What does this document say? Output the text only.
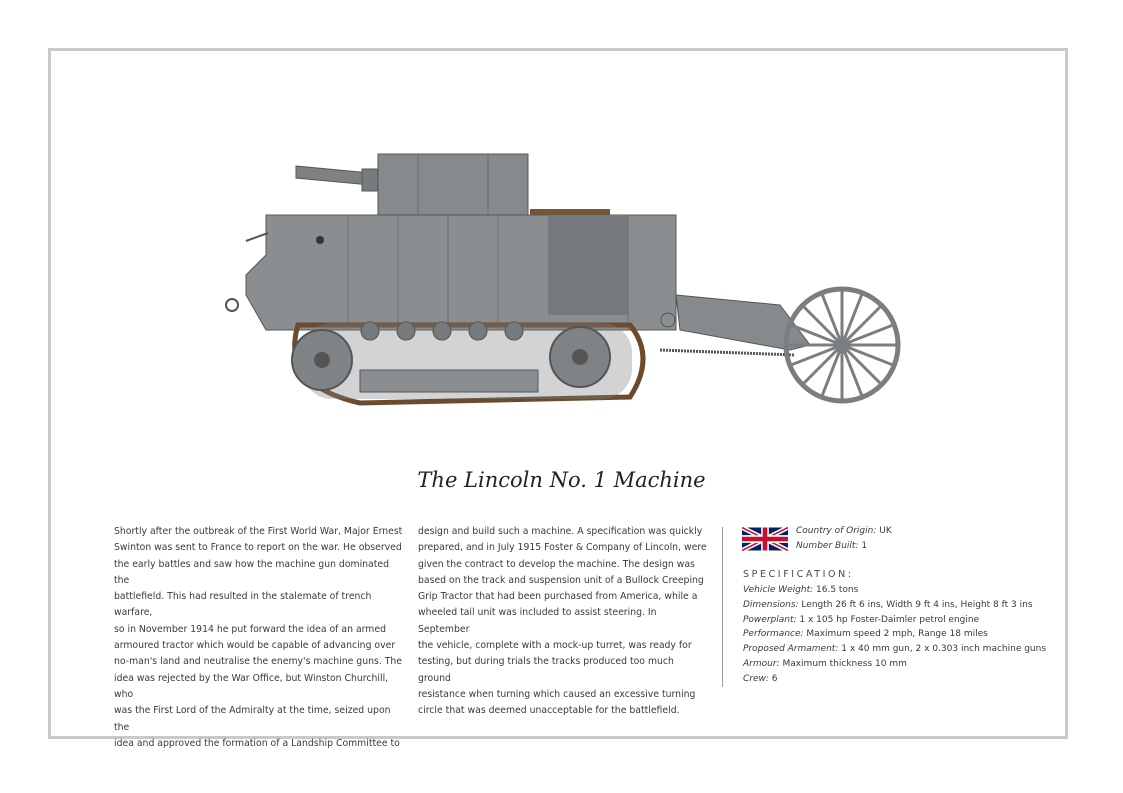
The Lincoln No. 1 Machine
Shortly after the outbreak of the First World War, Major Ernest
Swinton was sent to France to report on the war. He observed
the early battles and saw how the machine gun dominated the
battlefield. This had resulted in the stalemate of trench warfare,
so in November 1914 he put forward the idea of an armed
armoured tractor which would be capable of advancing over
no-man's land and neutralise the enemy's machine guns. The
idea was rejected by the War Office, but Winston Churchill, who
was the First Lord of the Admiralty at the time, seized upon the
idea and approved the formation of a Landship Committee to
design and build such a machine. A specification was quickly
prepared, and in July 1915 Foster & Company of Lincoln, were
given the contract to develop the machine. The design was
based on the track and suspension unit of a Bullock Creeping
Grip Tractor that had been purchased from America, while a
wheeled tail unit was included to assist steering. In September
the vehicle, complete with a mock-up turret, was ready for
testing, but during trials the tracks produced too much ground
resistance when turning which caused an excessive turning
circle that was deemed unacceptable for the battlefield.
Country of Origin: UK
Number Built: 1
SPECIFICATION:
Vehicle Weight: 16.5 tons
Dimensions: Length 26 ft 6 ins, Width 9 ft 4 ins, Height 8 ft 3 ins
Powerplant: 1 x 105 hp Foster-Daimler petrol engine
Performance: Maximum speed 2 mph, Range 18 miles
Proposed Armament: 1 x 40 mm gun, 2 x 0.303 inch machine guns
Armour: Maximum thickness 10 mm
Crew: 6
